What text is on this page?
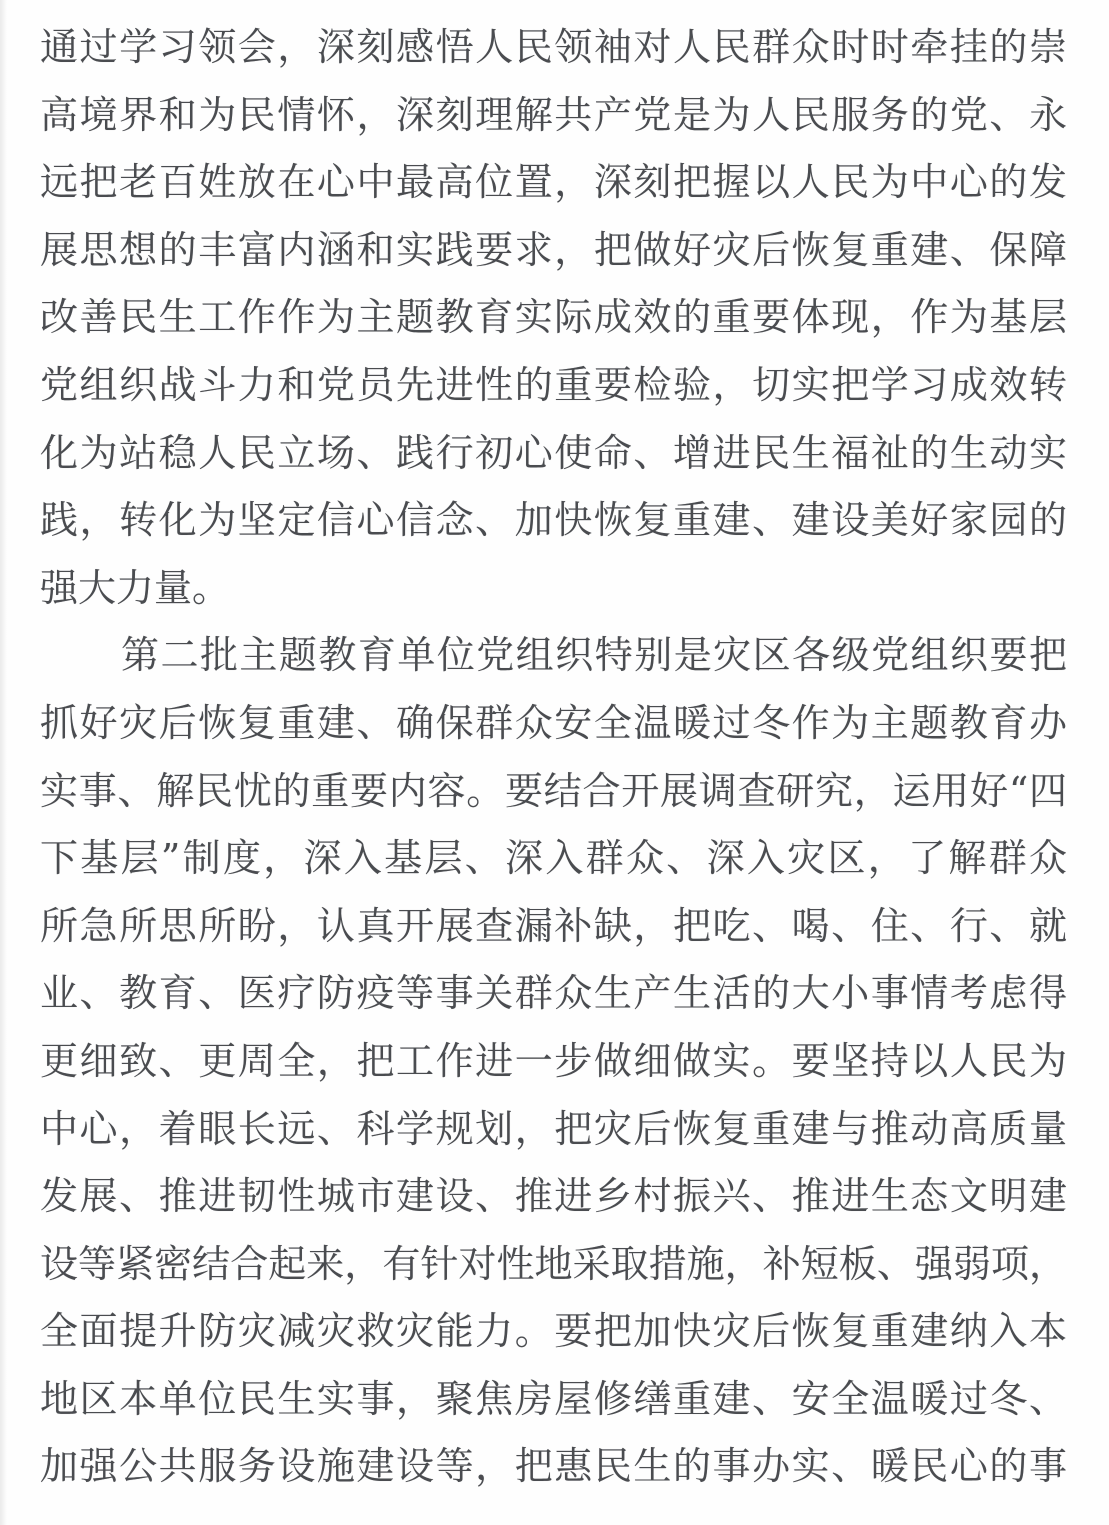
通过学习领会，深刻感悟人民领袖对人民群众时时牵挂的崇
高境界和为民情怀，深刻理解共产党是为人民服务的党、永
远把老百姓放在心中最高位置，深刻把握以人民为中心的发
展思想的丰富内涵和实践要求，把做好灾后恢复重建、保障
改善民生工作作为主题教育实际成效的重要体现，作为基层
党组织战斗力和党员先进性的重要检验，切实把学习成效转
化为站稳人民立场、践行初心使命、增进民生福祉的生动实
践，转化为坚定信心信念、加快恢复重建、建设美好家园的
强大力量。
第二批主题教育单位党组织特别是灾区各级党组织要把
抓好灾后恢复重建、确保群众安全温暖过冬作为主题教育办
实事、解民忧的重要内容。要结合开展调查研究，运用好“四
下基层”制度，深入基层、深入群众、深入灾区，了解群众
所急所思所盼，认真开展查漏补缺，把吃、喝、住、行、就
业、教育、医疗防疫等事关群众生产生活的大小事情考虑得
更细致、更周全，把工作进一步做细做实。要坚持以人民为
中心，着眼长远、科学规划，把灾后恢复重建与推动高质量
发展、推进韧性城市建设、推进乡村振兴、推进生态文明建
设等紧密结合起来，有针对性地采取措施，补短板、强弱项，
全面提升防灾减灾救灾能力。要把加快灾后恢复重建纳入本
地区本单位民生实事，聚焦房屋修缮重建、安全温暖过冬、
加强公共服务设施建设等，把惠民生的事办实、暖民心的事
